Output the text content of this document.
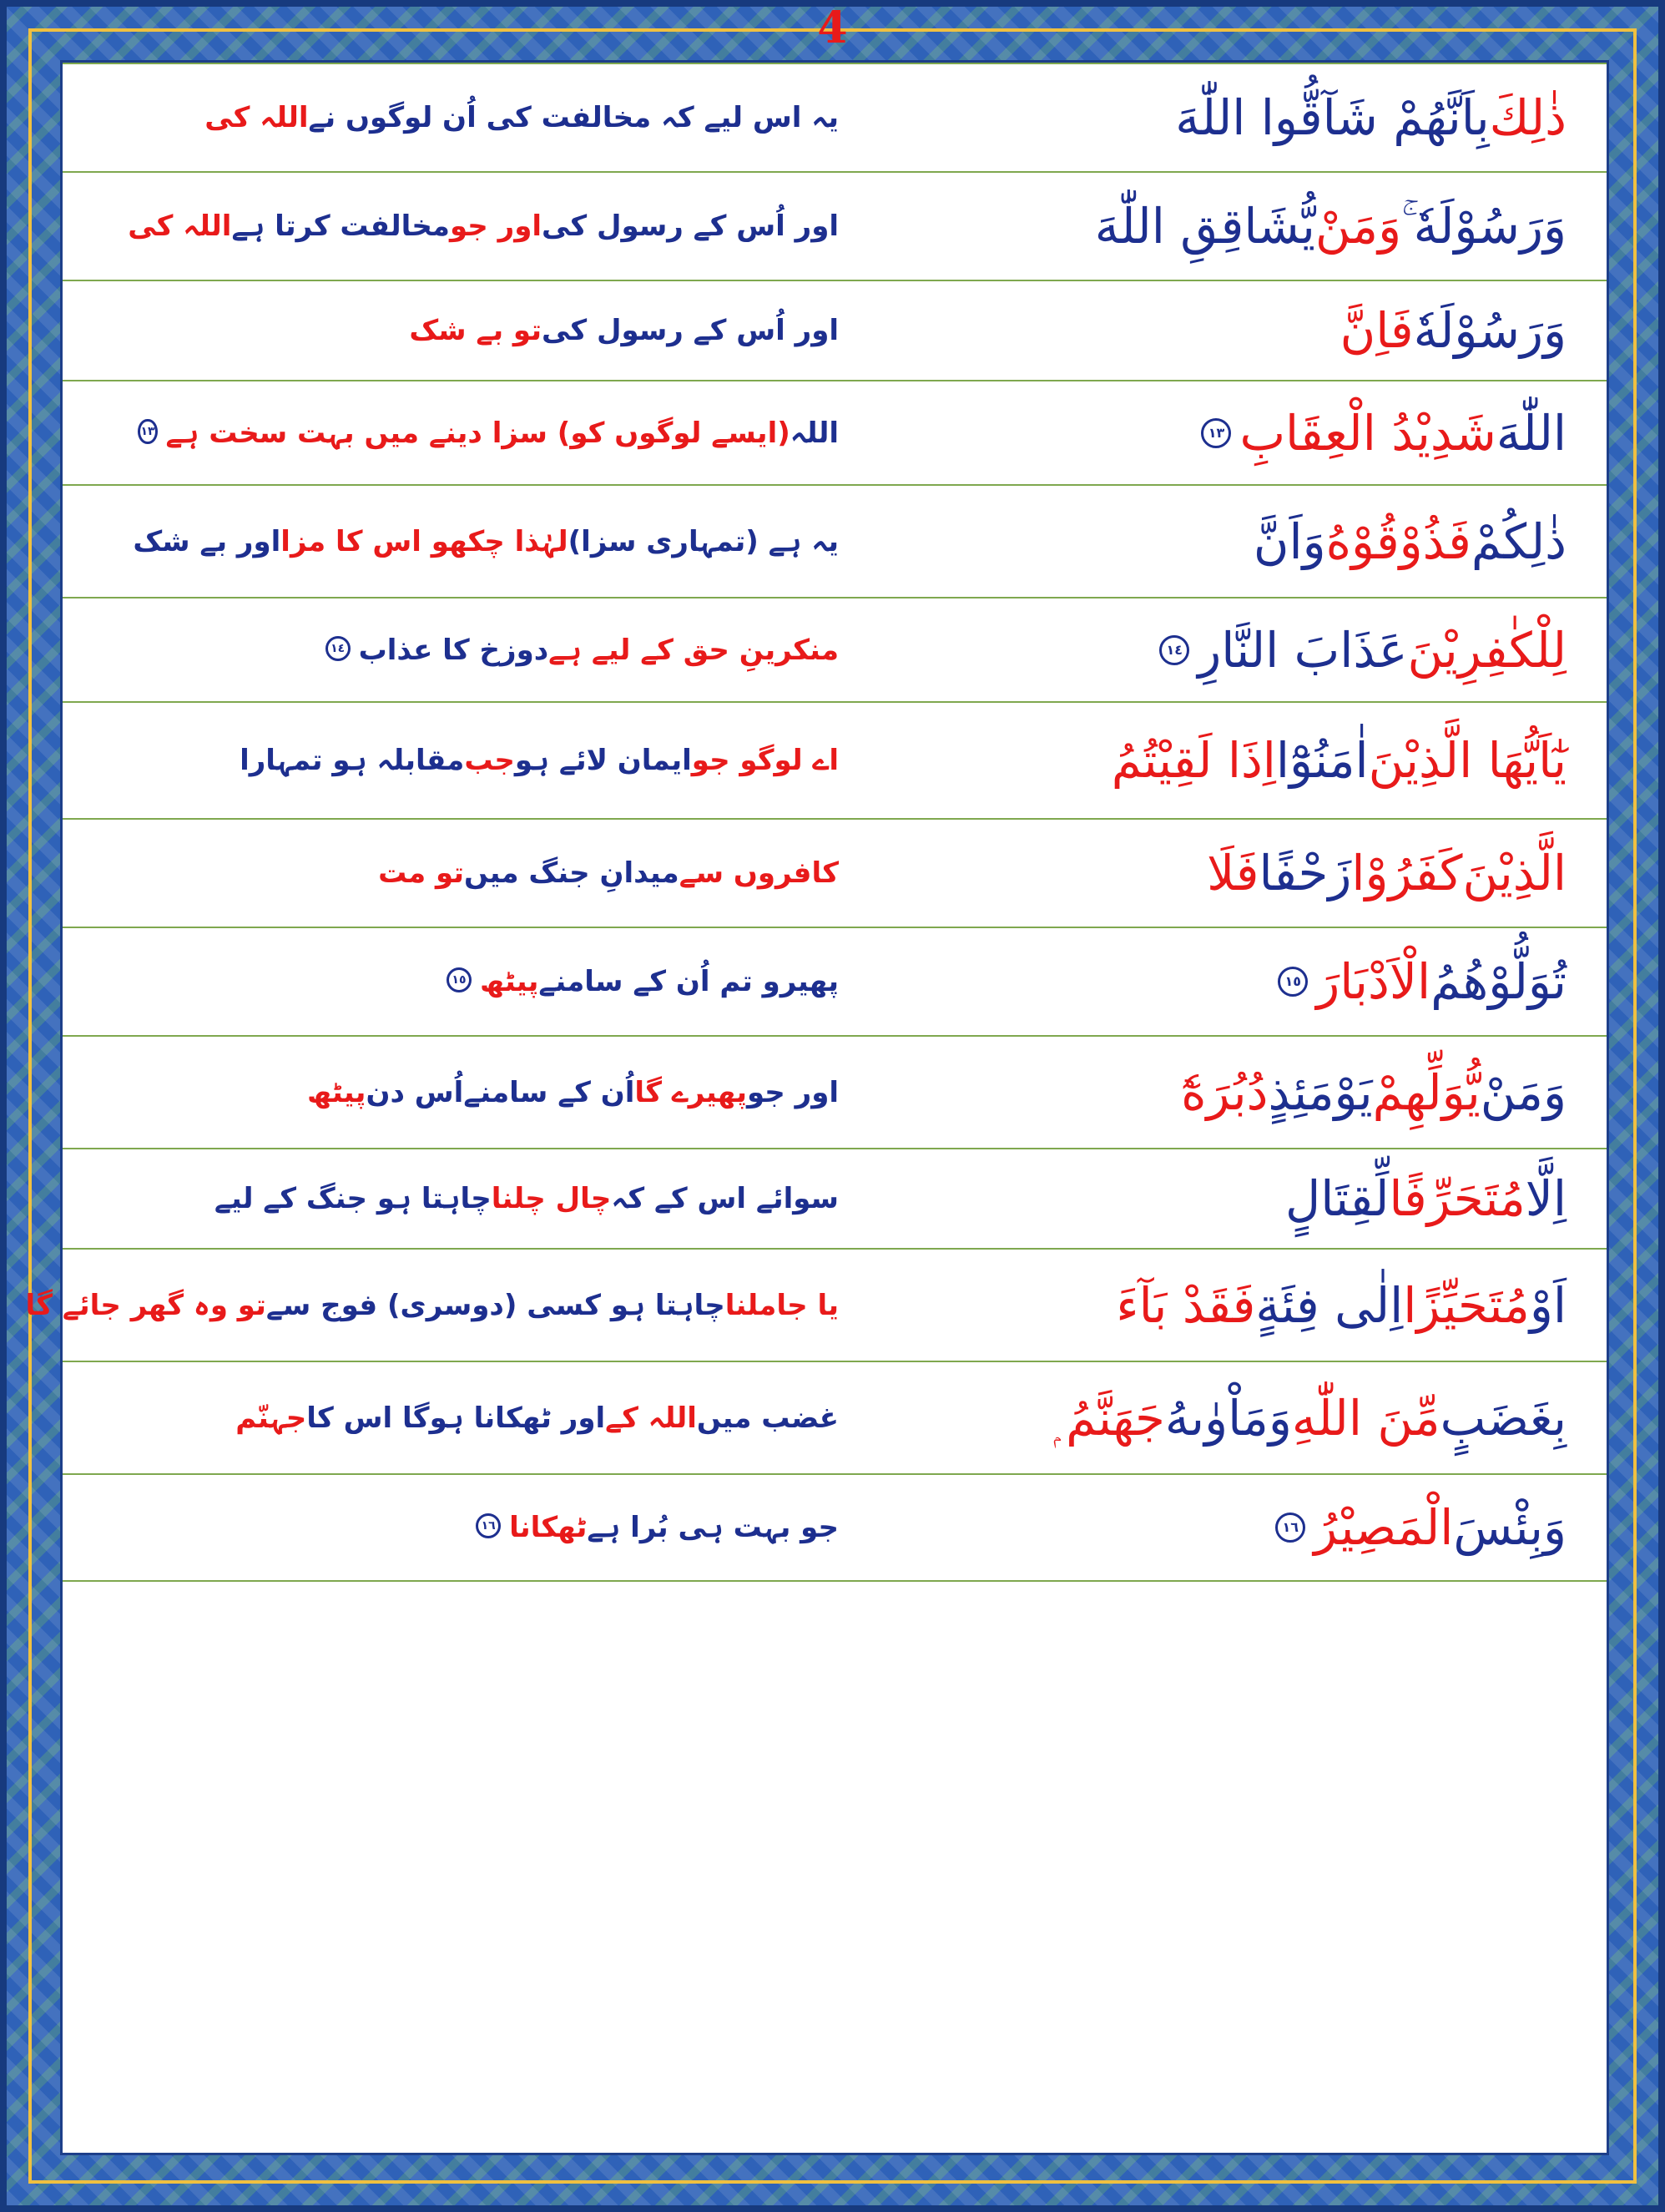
4
ذٰلِكَ
بِاَنَّهُمْ شَآقُّوا اللّٰهَ
یہ اس لیے کہ مخالفت کی اُن لوگوں نے
اللہ کی
وَرَسُوْلَهٗ ۚ
وَمَنْ
يُّشَاقِقِ اللّٰهَ
اور اُس کے رسول کی
اور جو
مخالفت کرتا ہے
اللہ کی
وَرَسُوْلَهٗ
فَاِنَّ
اور اُس کے رسول کی
تو بے شک
اللّٰهَ
شَدِيْدُ الْعِقَابِ
١٣
اللہ
(ایسے لوگوں کو) سزا دینے میں بہت سخت ہے
١٣
ذٰلِكُمْ
فَذُوْقُوْهُ
وَاَنَّ
یہ ہے (تمہاری سزا)
لہٰذا چکھو اس کا مزا
اور بے شک
لِلْكٰفِرِيْنَ
عَذَابَ النَّارِ
١٤
منکرینِ حق کے لیے ہے
دوزخ کا عذاب
١٤
يٰٓاَيُّهَا الَّذِيْنَ
اٰمَنُوْٓا
اِذَا لَقِيْتُمُ
اے لوگو جو
ایمان لائے ہو
جب
مقابلہ ہو تمہارا
الَّذِيْنَ
كَفَرُوْا
زَحْفًا
فَلَا
کافروں سے
میدانِ جنگ میں
تو مت
تُوَلُّوْهُمُ
الْاَدْبَارَ
١٥
پھیرو تم اُن کے سامنے
پیٹھ
١٥
وَمَنْ
يُّوَلِّهِمْ
يَوْمَئِذٍ
دُبُرَهٗٓ
اور جو
پھیرے گا
اُن کے سامنے
اُس دن
پیٹھ
اِلَّا
مُتَحَرِّفًا
لِّقِتَالٍ
سوائے اس کے کہ
چال چلنا
چاہتا ہو جنگ کے لیے
اَوْ
مُتَحَيِّزًا
اِلٰى فِئَةٍ
فَقَدْ بَآءَ
یا جاملنا
چاہتا ہو کسی (دوسری) فوج سے
تو وہ گھر جائے گا
بِغَضَبٍ
مِّنَ اللّٰهِ
وَمَاْوٰىهُ
جَهَنَّمُ ۭ
غضب میں
اللہ کے
اور ٹھکانا ہوگا اس کا
جہنّم
وَبِئْسَ
الْمَصِيْرُ
١٦
جو بہت ہی بُرا ہے
ٹھکانا
١٦
